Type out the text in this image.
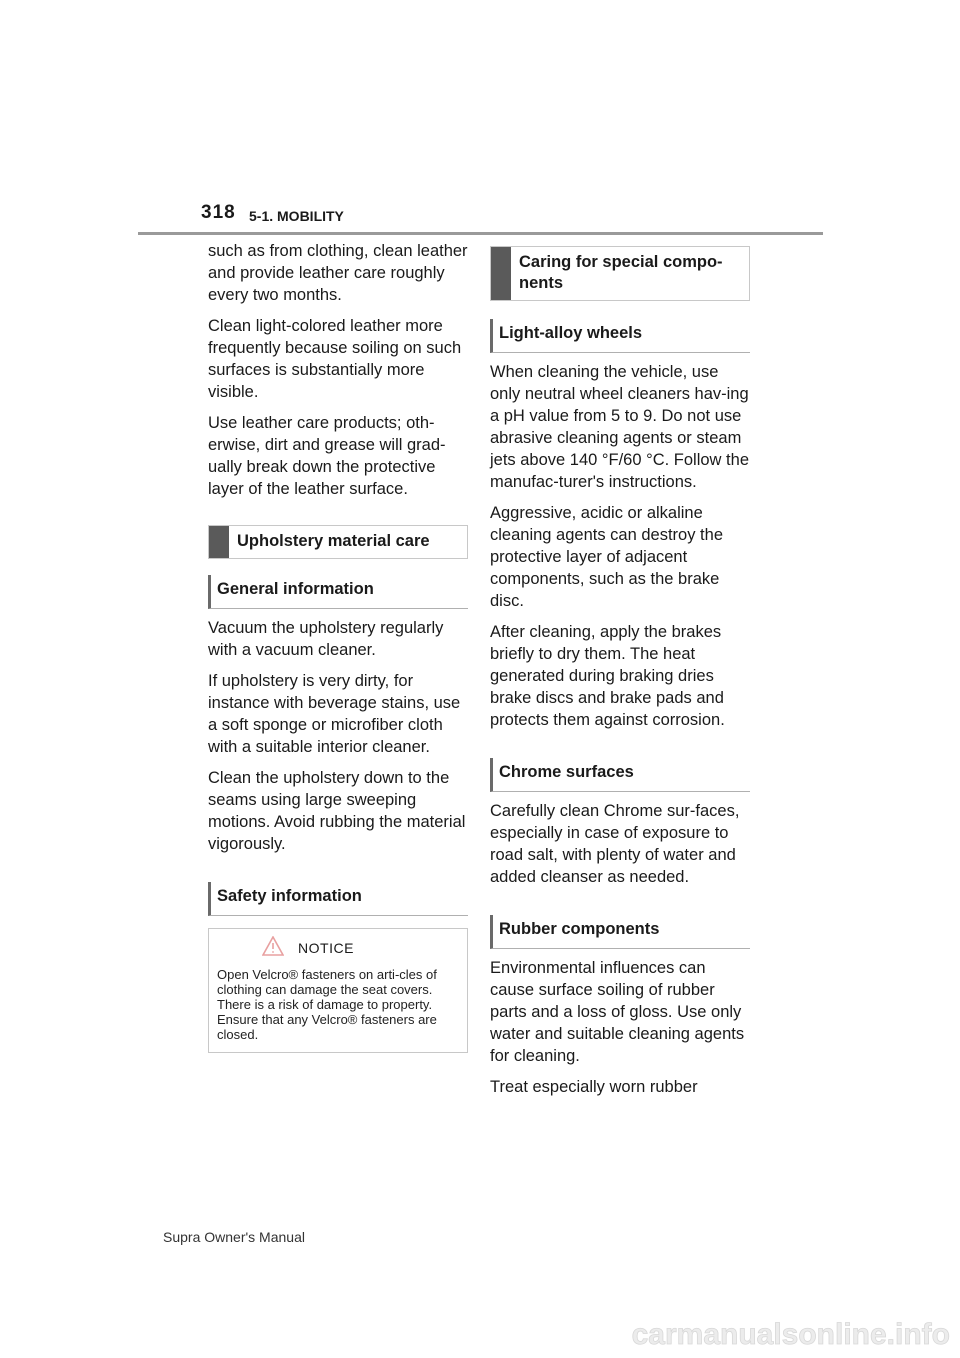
318 5-1. MOBILITY

such as from clothing, clean leather and provide leather care roughly every two months.

Clean light-colored leather more frequently because soiling on such surfaces is substantially more visible.

Use leather care products; oth-erwise, dirt and grease will grad-ually break down the protective layer of the leather surface.

Upholstery material care
General information

Vacuum the upholstery regularly with a vacuum cleaner.

If upholstery is very dirty, for instance with beverage stains, use a soft sponge or microfiber cloth with a suitable interior cleaner.

Clean the upholstery down to the seams using large sweeping motions. Avoid rubbing the material vigorously.

Safety information
NOTICE
Open Velcro® fasteners on arti-cles of clothing can damage the seat covers. There is a risk of damage to property. Ensure that any Velcro® fasteners are closed.
Caring for special compo-nents
Light-alloy wheels

When cleaning the vehicle, use only neutral wheel cleaners hav-ing a pH value from 5 to 9. Do not use abrasive cleaning agents or steam jets above 140 °F/60 °C. Follow the manufac-turer's instructions.

Aggressive, acidic or alkaline cleaning agents can destroy the protective layer of adjacent components, such as the brake disc.

After cleaning, apply the brakes briefly to dry them. The heat generated during braking dries brake discs and brake pads and protects them against corrosion.

Chrome surfaces

Carefully clean Chrome sur-faces, especially in case of exposure to road salt, with plenty of water and added cleanser as needed.

Rubber components

Environmental influences can cause surface soiling of rubber parts and a loss of gloss. Use only water and suitable cleaning agents for cleaning.

Treat especially worn rubber

Supra Owner's Manual
carmanualsonline.info
